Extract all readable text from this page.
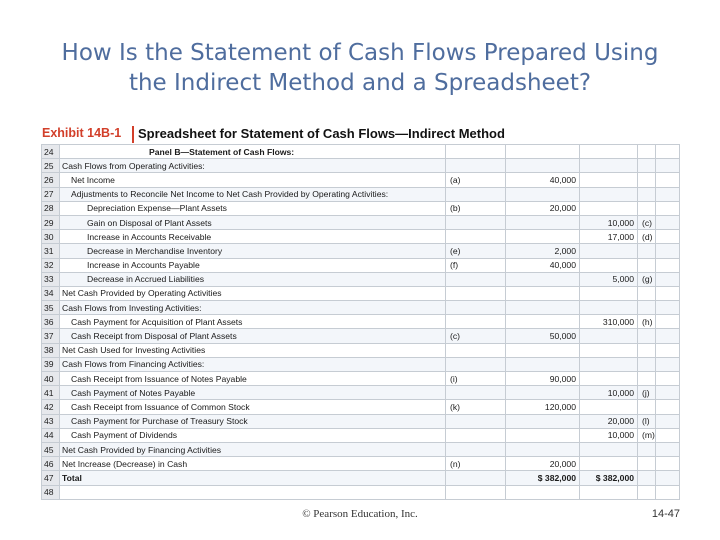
How Is the Statement of Cash Flows Prepared Using
the Indirect Method and a Spreadsheet?
Exhibit 14B-1 Spreadsheet for Statement of Cash Flows—Indirect Method
24	Panel B—Statement of Cash Flows:					
25	Cash Flows from Operating Activities:					
26	Net Income	(a)	40,000			
27	Adjustments to Reconcile Net Income to Net Cash Provided by Operating Activities:					
28	Depreciation Expense—Plant Assets	(b)	20,000			
29	Gain on Disposal of Plant Assets			10,000	(c)	
30	Increase in Accounts Receivable			17,000	(d)	
31	Decrease in Merchandise Inventory	(e)	2,000			
32	Increase in Accounts Payable	(f)	40,000			
33	Decrease in Accrued Liabilities			5,000	(g)	
34	Net Cash Provided by Operating Activities					
35	Cash Flows from Investing Activities:					
36	Cash Payment for Acquisition of Plant Assets			310,000	(h)	
37	Cash Receipt from Disposal of Plant Assets	(c)	50,000			
38	Net Cash Used for Investing Activities					
39	Cash Flows from Financing Activities:					
40	Cash Receipt from Issuance of Notes Payable	(i)	90,000			
41	Cash Payment of Notes Payable			10,000	(j)	
42	Cash Receipt from Issuance of Common Stock	(k)	120,000			
43	Cash Payment for Purchase of Treasury Stock			20,000	(l)	
44	Cash Payment of Dividends			10,000	(m)	
45	Net Cash Provided by Financing Activities					
46	Net Increase (Decrease) in Cash	(n)	20,000			
47	Total		$ 382,000	$ 382,000		
48						
© Pearson Education, Inc.	14-47
